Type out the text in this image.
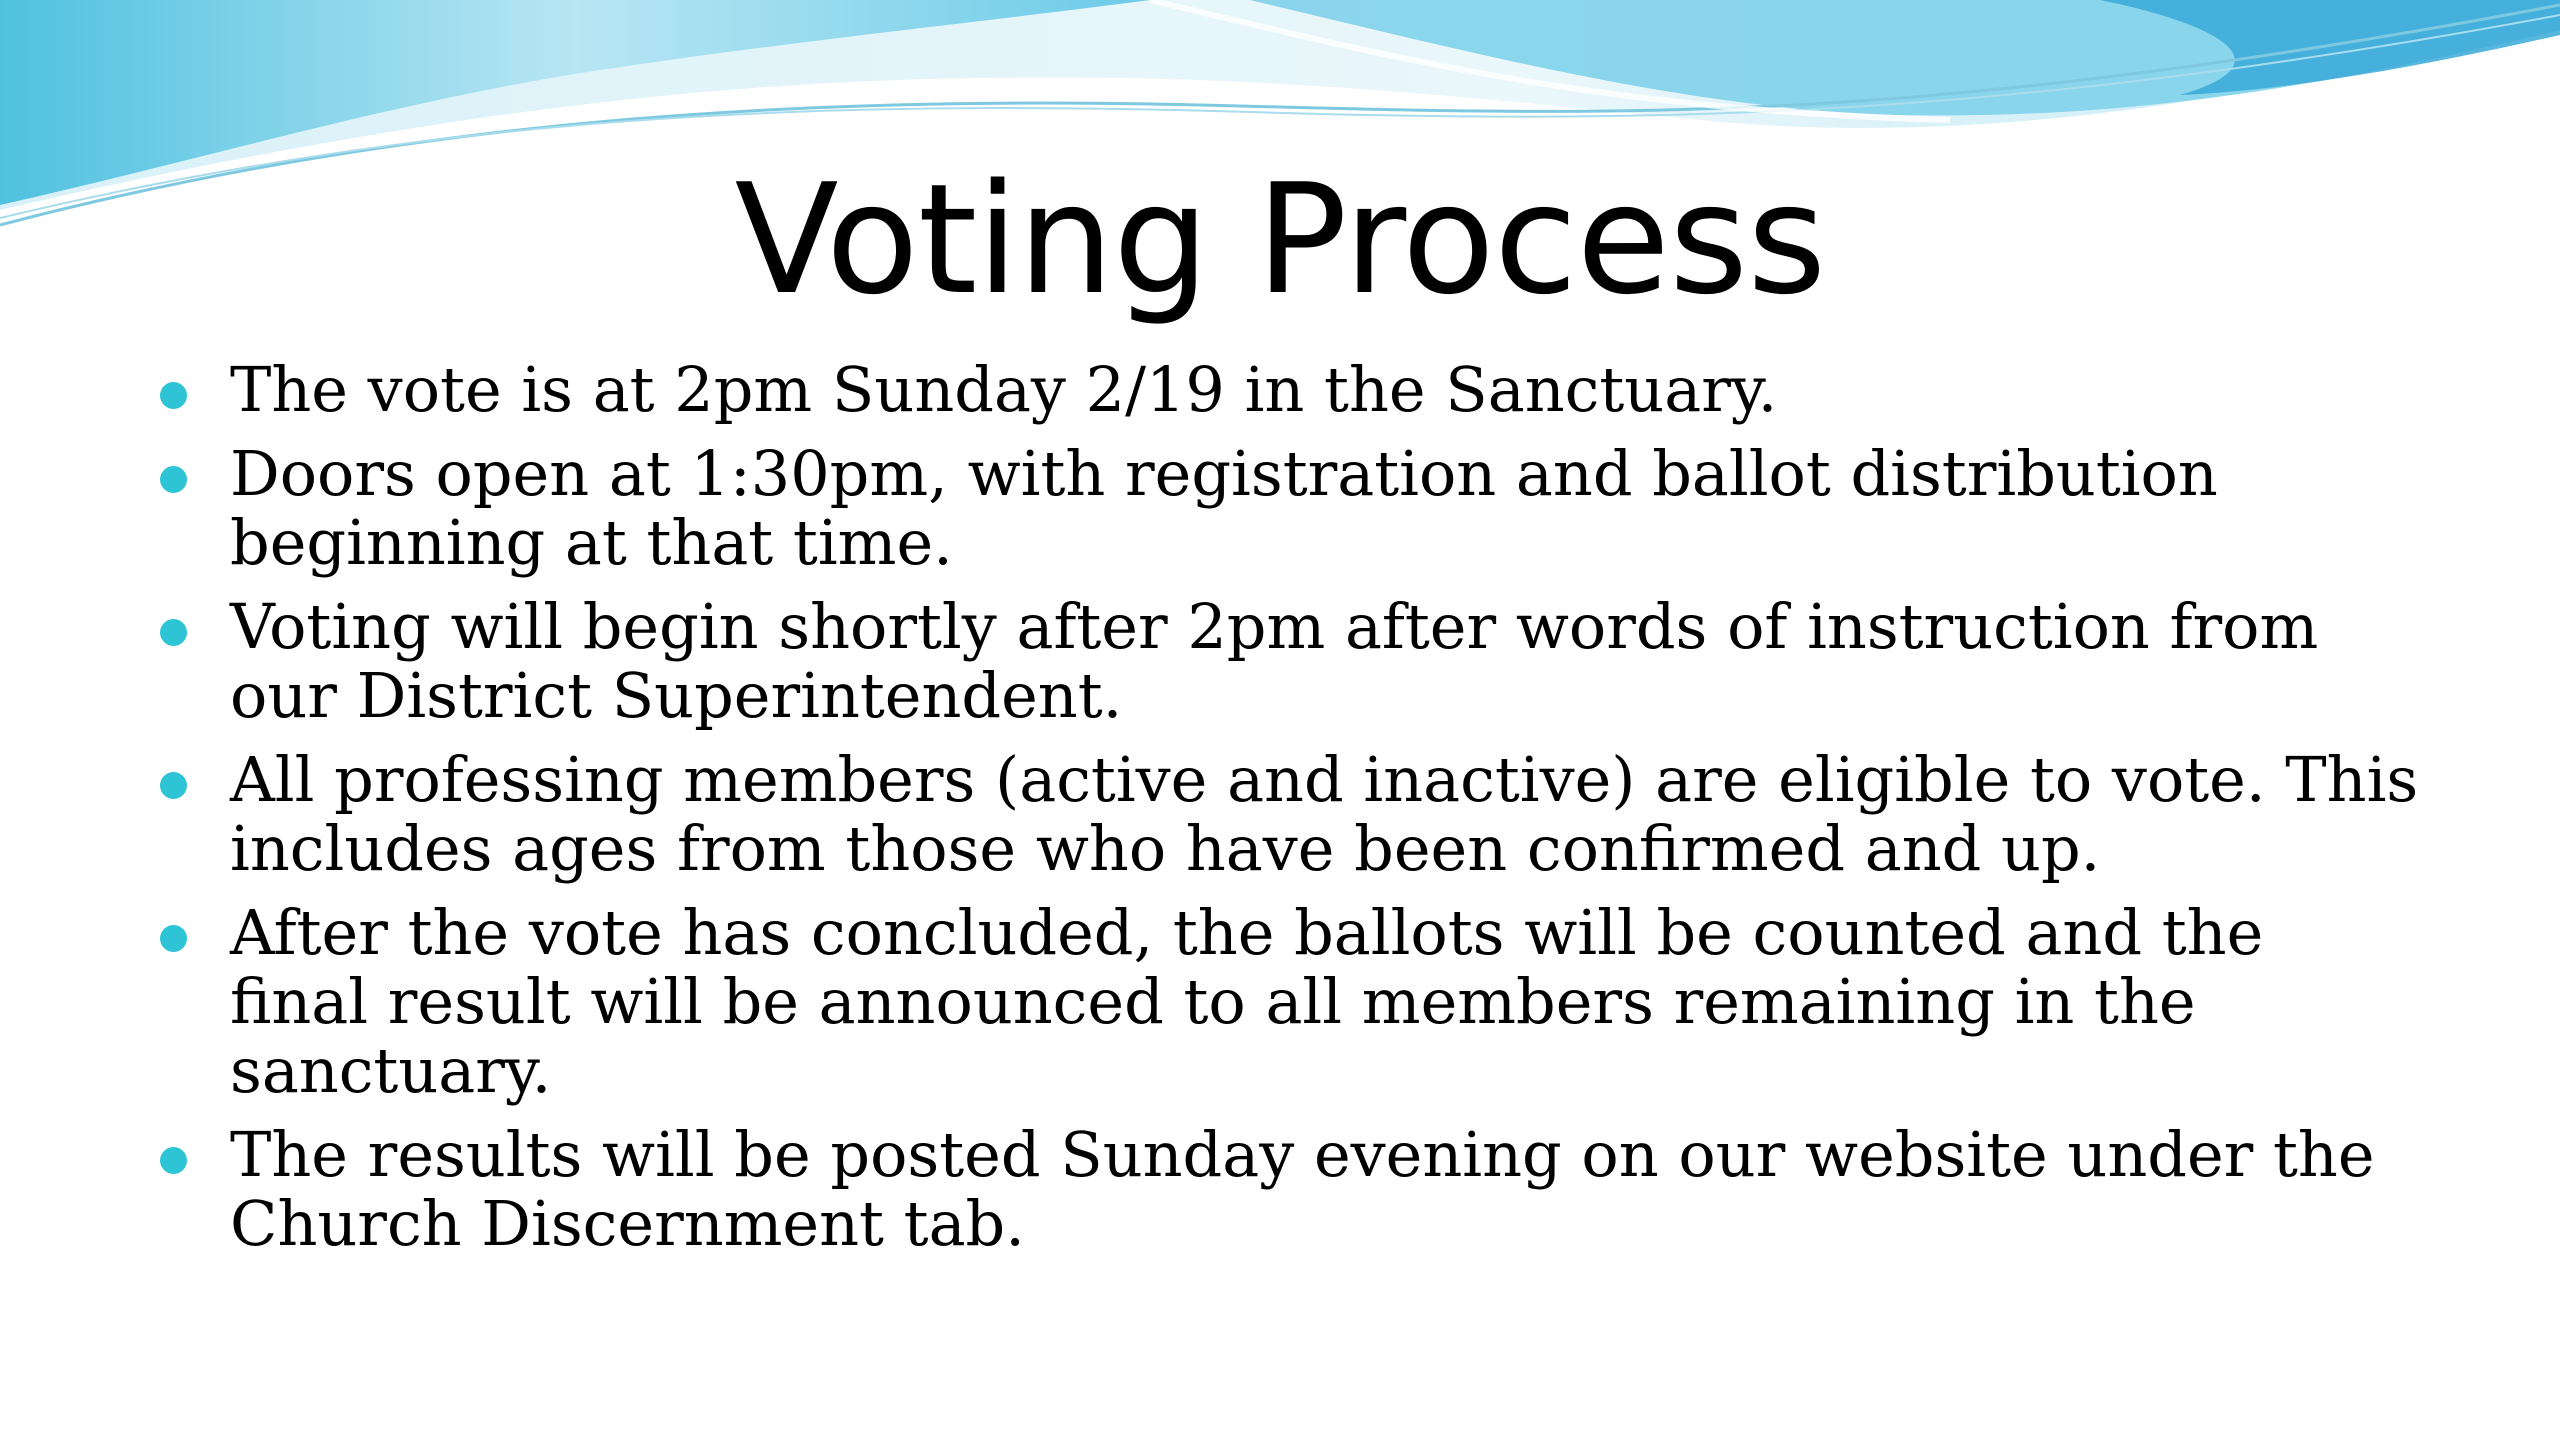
Voting Process
The vote is at 2pm Sunday 2/19 in the Sanctuary.
Doors open at 1:30pm, with registration and ballot distribution beginning at that time.
Voting will begin shortly after 2pm after words of instruction from our District Superintendent.
All professing members (active and inactive) are eligible to vote. This includes ages from those who have been confirmed and up.
After the vote has concluded, the ballots will be counted and the final result will be announced to all members remaining in the sanctuary.
The results will be posted Sunday evening on our website under the Church Discernment tab.
